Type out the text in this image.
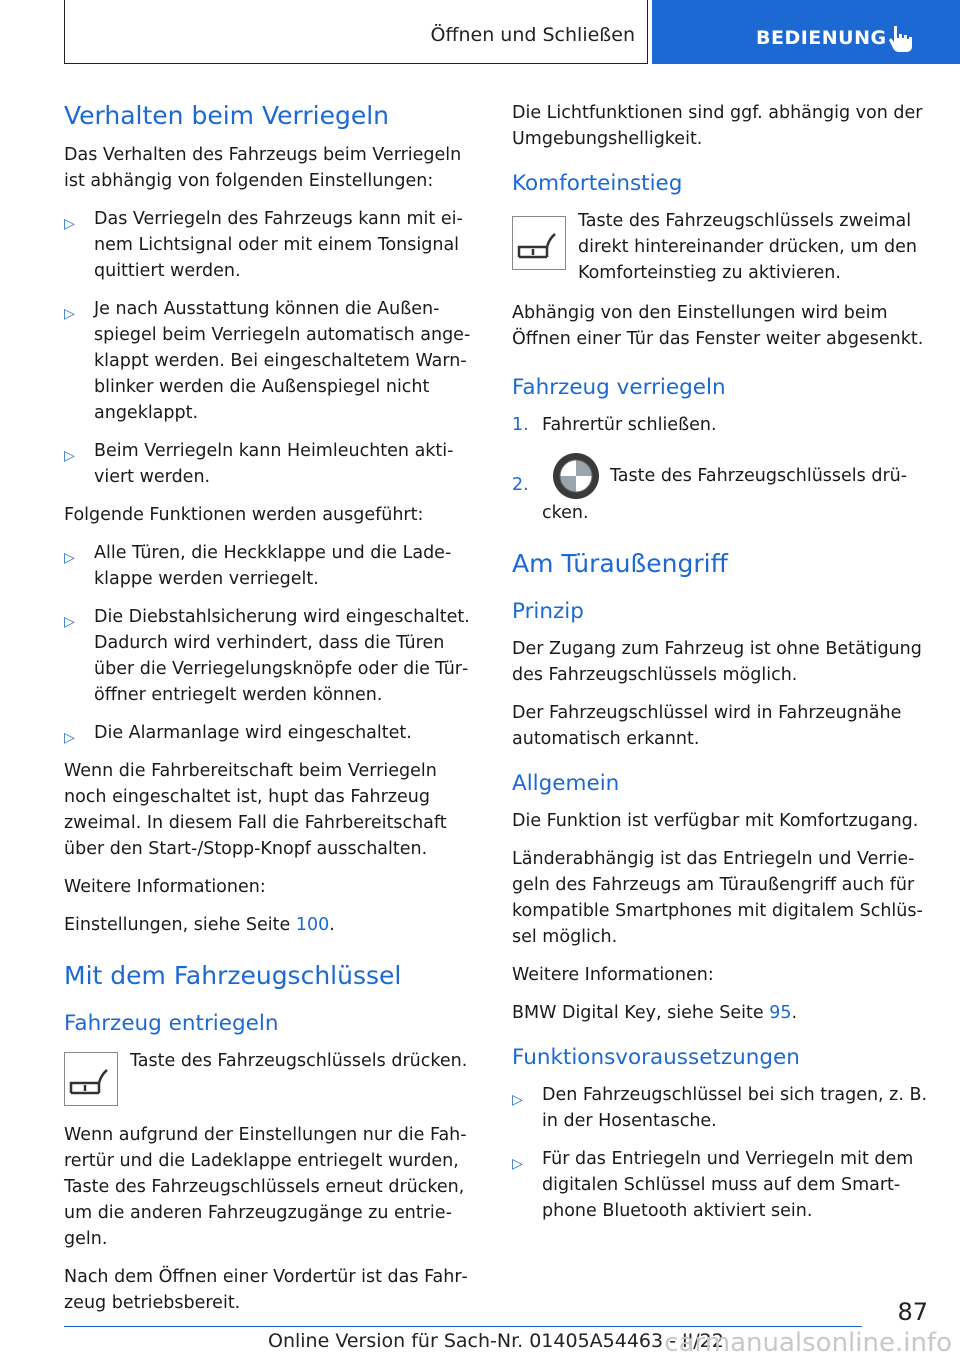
Öffnen und Schließen	BEDIENUNG
Verhalten beim Verriegeln

Das Verhalten des Fahrzeugs beim Verriegeln ist abhängig von folgenden Einstellungen:

▷ Das Verriegeln des Fahrzeugs kann mit einem Lichtsignal oder mit einem Tonsignal quittiert werden.
▷ Je nach Ausstattung können die Außenspiegel beim Verriegeln automatisch angeklappt werden. Bei eingeschaltetem Warnblinker werden die Außenspiegel nicht angeklappt.
▷ Beim Verriegeln kann Heimleuchten aktiviert werden.

Folgende Funktionen werden ausgeführt:

▷ Alle Türen, die Heckklappe und die Ladeklappe werden verriegelt.
▷ Die Diebstahlsicherung wird eingeschaltet. Dadurch wird verhindert, dass die Türen über die Verriegelungsknöpfe oder die Türöffner entriegelt werden können.
▷ Die Alarmanlage wird eingeschaltet.

Wenn die Fahrbereitschaft beim Verriegeln noch eingeschaltet ist, hupt das Fahrzeug zweimal. In diesem Fall die Fahrbereitschaft über den Start-/Stopp-Knopf ausschalten.

Weitere Informationen:

Einstellungen, siehe Seite 100.

Mit dem Fahrzeugschlüssel
Fahrzeug entriegeln

Taste des Fahrzeugschlüssels drücken.

Wenn aufgrund der Einstellungen nur die Fahrertür und die Ladeklappe entriegelt wurden, Taste des Fahrzeugschlüssels erneut drücken, um die anderen Fahrzeugzugänge zu entriegeln.

Nach dem Öffnen einer Vordertür ist das Fahrzeug betriebsbereit.

Die Lichtfunktionen sind ggf. abhängig von der Umgebungshelligkeit.

Komforteinstieg

Taste des Fahrzeugschlüssels zweimal direkt hintereinander drücken, um den Komforteinstieg zu aktivieren.

Abhängig von den Einstellungen wird beim Öffnen einer Tür das Fenster weiter abgesenkt.

Fahrzeug verriegeln
1. Fahrertür schließen.
2.	Taste des Fahrzeugschlüssels drücken.
Am Türaußengriff
Prinzip

Der Zugang zum Fahrzeug ist ohne Betätigung des Fahrzeugschlüssels möglich.

Der Fahrzeugschlüssel wird in Fahrzeugnähe automatisch erkannt.

Allgemein

Die Funktion ist verfügbar mit Komfortzugang.

Länderabhängig ist das Entriegeln und Verriegeln des Fahrzeugs am Türaußengriff auch für kompatible Smartphones mit digitalem Schlüssel möglich.

Weitere Informationen:

BMW Digital Key, siehe Seite 95.

Funktionsvoraussetzungen
▷ Den Fahrzeugschlüssel bei sich tragen, z. B. in der Hosentasche.
▷ Für das Entriegeln und Verriegeln mit dem digitalen Schlüssel muss auf dem Smartphone Bluetooth aktiviert sein.
87
Online Version für Sach-Nr. 01405A54463 - II/22
carmanualsonline.info
